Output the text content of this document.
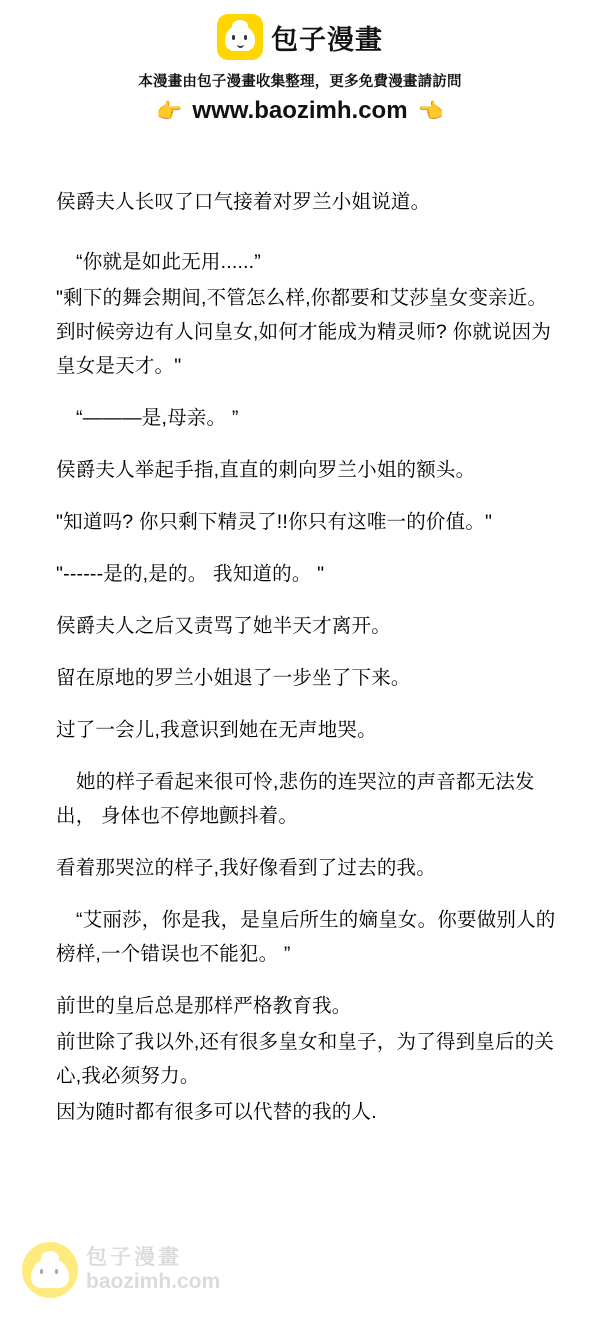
包子漫畫
本漫畫由包子漫畫收集整理，更多免費漫畫請訪問
👉 www.baozimh.com 👈

侯爵夫人长叹了口气接着对罗兰小姐说道。

“你就是如此无用......”

"剩下的舞会期间,不管怎么样,你都要和艾莎皇女变亲近。到时候旁边有人问皇女,如何才能成为精灵师? 你就说因为皇女是天才。"

“———是,母亲。 ”

侯爵夫人举起手指,直直的刺向罗兰小姐的额头。

"知道吗? 你只剩下精灵了!!你只有这唯一的价值。"

"------是的,是的。 我知道的。 "

侯爵夫人之后又责骂了她半天才离开。

留在原地的罗兰小姐退了一步坐了下来。

过了一会儿,我意识到她在无声地哭。

她的样子看起来很可怜,悲伤的连哭泣的声音都无法发出， 身体也不停地颤抖着。

看着那哭泣的样子,我好像看到了过去的我。

“艾丽莎，你是我，是皇后所生的嫡皇女。你要做别人的榜样,一个错误也不能犯。 ”

前世的皇后总是那样严格教育我。

前世除了我以外,还有很多皇女和皇子，为了得到皇后的关心,我必须努力。

因为随时都有很多可以代替的我的人.

包子漫畫
baozimh.com
